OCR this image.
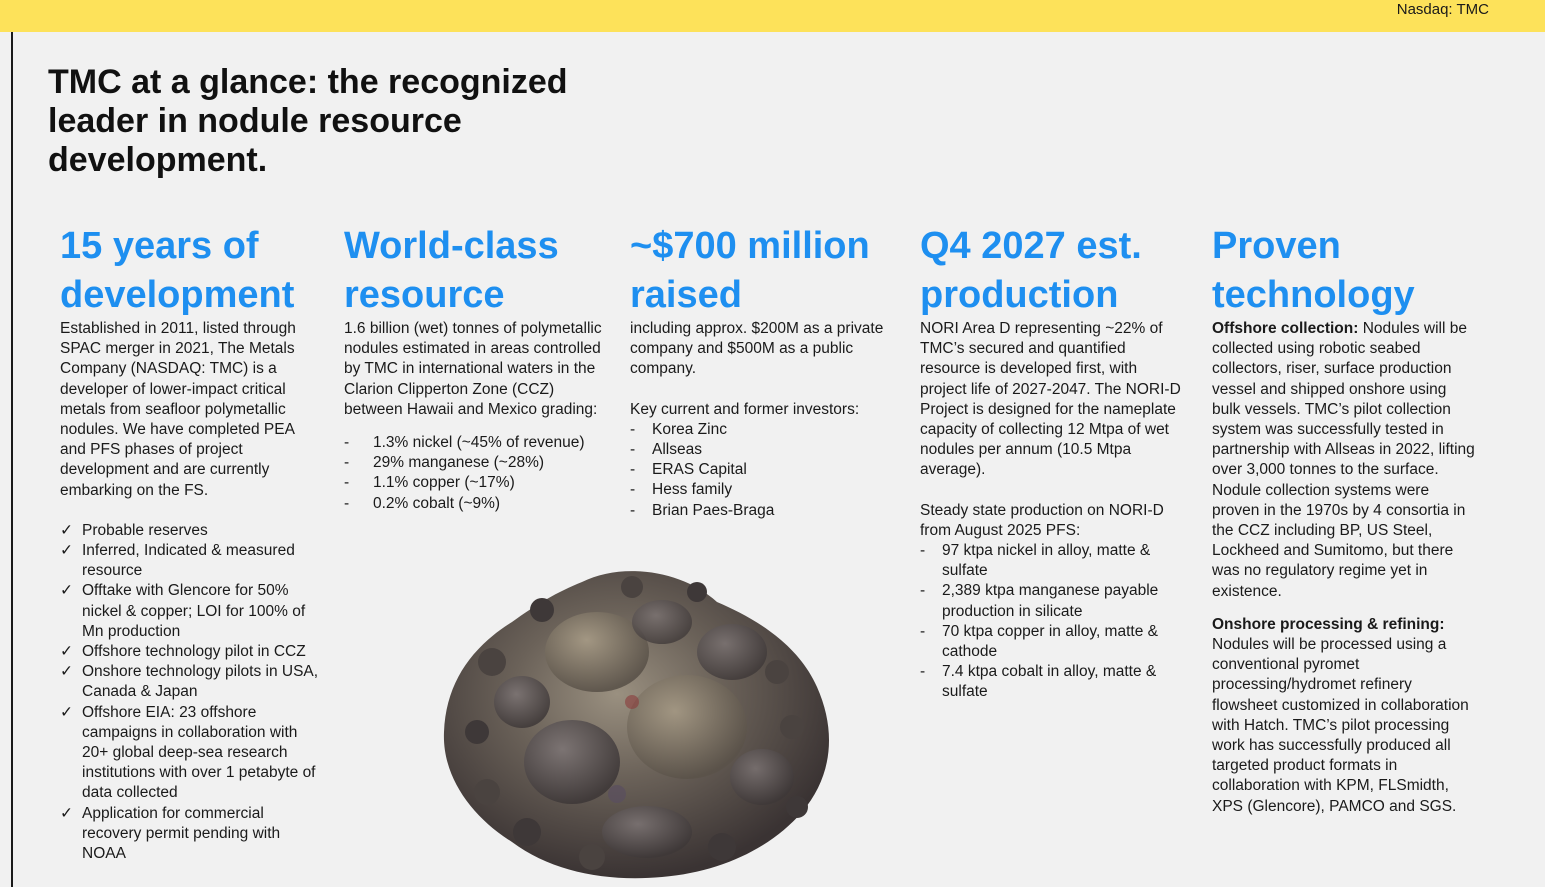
Nasdaq: TMC
TMC at a glance: the recognized leader in nodule resource development.
15 years of development

Established in 2011, listed through SPAC merger in 2021, The Metals Company (NASDAQ: TMC) is a developer of lower-impact critical metals from seafloor polymetallic nodules. We have completed PEA and PFS phases of project development and are currently embarking on the FS.

✓ Probable reserves
✓ Inferred, Indicated & measured resource
✓ Offtake with Glencore for 50% nickel & copper; LOI for 100% of Mn production
✓ Offshore technology pilot in CCZ
✓ Onshore technology pilots in USA, Canada & Japan
✓ Offshore EIA: 23 offshore campaigns in collaboration with 20+ global deep-sea research institutions with over 1 petabyte of data collected
✓ Application for commercial recovery permit pending with NOAA
World-class resource

1.6 billion (wet) tonnes of polymetallic nodules estimated in areas controlled by TMC in international waters in the Clarion Clipperton Zone (CCZ) between Hawaii and Mexico grading:

- 1.3% nickel (~45% of revenue)
- 29% manganese (~28%)
- 1.1% copper (~17%)
- 0.2% cobalt (~9%)
~$700 million raised

including approx. $200M as a private company and $500M as a public company.

Key current and former investors:

- Korea Zinc
- Allseas
- ERAS Capital
- Hess family
- Brian Paes-Braga
Q4 2027 est. production

NORI Area D representing ~22% of TMC’s secured and quantified resource is developed first, with project life of 2027-2047. The NORI-D Project is designed for the nameplate capacity of collecting 12 Mtpa of wet nodules per annum (10.5 Mtpa average).

Steady state production on NORI-D from August 2025 PFS:

- 97 ktpa nickel in alloy, matte & sulfate
- 2,389 ktpa manganese payable production in silicate
- 70 ktpa copper in alloy, matte & cathode
- 7.4 ktpa cobalt in alloy, matte & sulfate
Proven technology

Offshore collection: Nodules will be collected using robotic seabed collectors, riser, surface production vessel and shipped onshore using bulk vessels. TMC’s pilot collection system was successfully tested in partnership with Allseas in 2022, lifting over 3,000 tonnes to the surface. Nodule collection systems were proven in the 1970s by 4 consortia in the CCZ including BP, US Steel, Lockheed and Sumitomo, but there was no regulatory regime yet in existence.

Onshore processing & refining:

Nodules will be processed using a conventional pyromet processing/hydromet refinery flowsheet customized in collaboration with Hatch. TMC’s pilot processing work has successfully produced all targeted product formats in collaboration with KPM, FLSmidth, XPS (Glencore), PAMCO and SGS.
